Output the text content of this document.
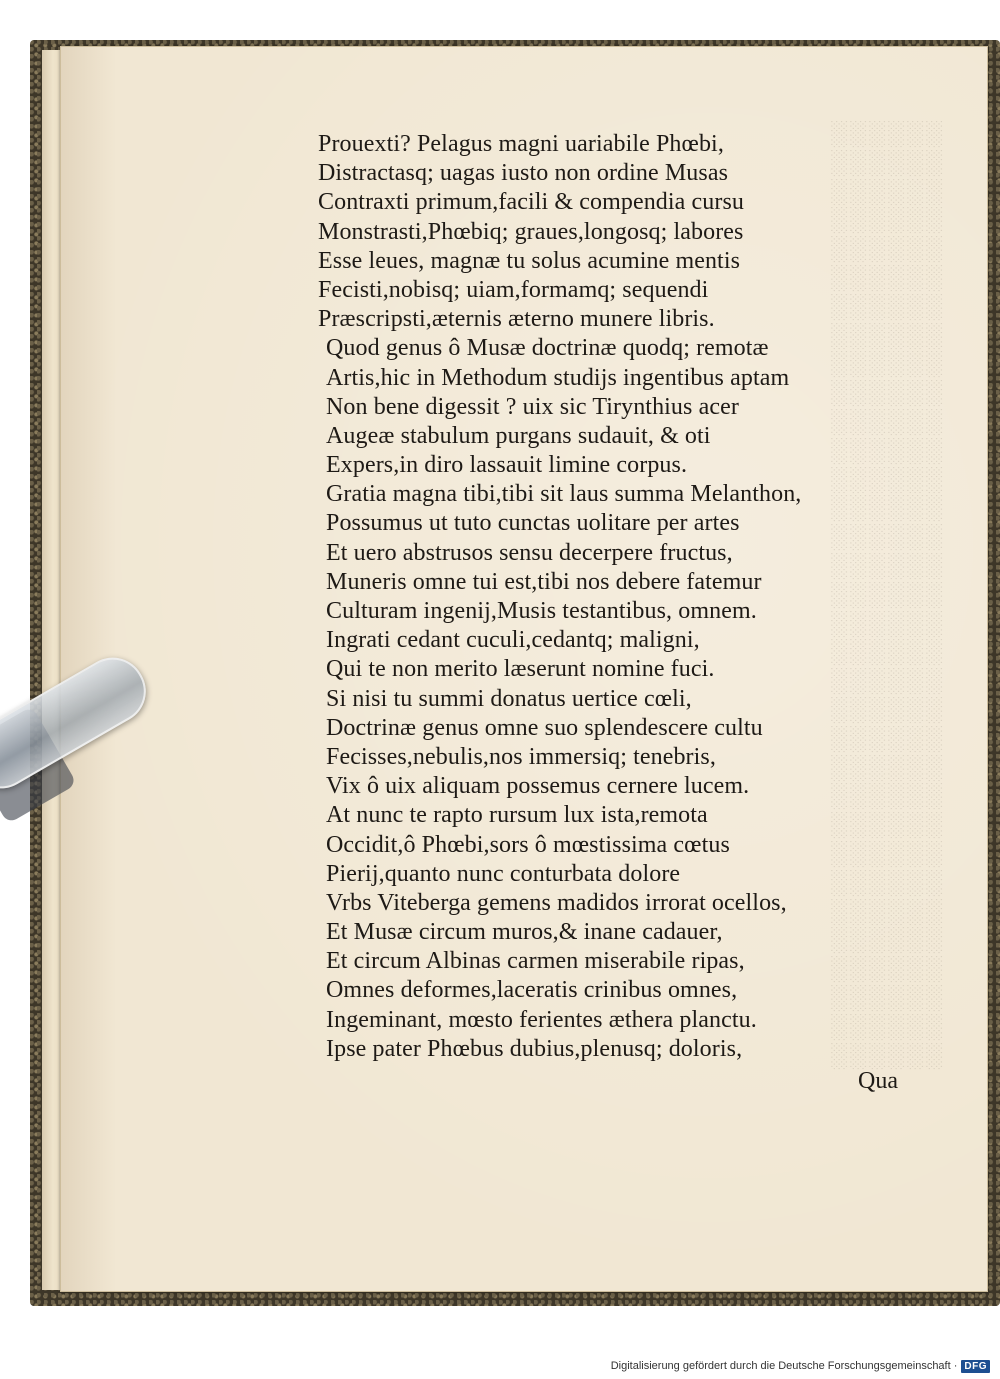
░░░░░░
░░░░░░
░░░░░░
░░░░░░
░░░░░░
░░░░░░
░░░░░░
░░░░░░
░░░░░░
░░░░░░
░░░░░░
░░░░░░
░░░░░░
░░░░░░
░░░░░░
░░░░░░
░░░░░░
░░░░░░
░░░░░░
░░░░░░
░░░░░░
░░░░░░
░░░░░░
░░░░░░
░░░░░░
░░░░░░
░░░░░░
░░░░░░
░░░░░░
░░░░░░
░░░░░░
░░░░░░
░░░░░░
Prouexti? Pelagus magni uariabile Phœbi,
Distractasq; uagas iusto non ordine Musas
Contraxti primum,facili & compendia cursu
Monstrasti,Phœbiq; graues,longosq; labores
Esse leues, magnæ tu solus acumine mentis
Fecisti,nobisq; uiam,formamq; sequendi
Præscripsti,æternis æterno munere libris.
Quod genus ô Musæ doctrinæ quodq; remotæ
Artis,hic in Methodum studijs ingentibus aptam
Non bene digessit ? uix sic Tirynthius acer
Augeæ stabulum purgans sudauit, & oti
Expers,in diro lassauit limine corpus.
Gratia magna tibi,tibi sit laus summa Melanthon,
Possumus ut tuto cunctas uolitare per artes
Et uero abstrusos sensu decerpere fructus,
Muneris omne tui est,tibi nos debere fatemur
Culturam ingenij,Musis testantibus, omnem.
Ingrati cedant cuculi,cedantq; maligni,
Qui te non merito læserunt nomine fuci.
Si nisi tu summi donatus uertice cœli,
Doctrinæ genus omne suo splendescere cultu
Fecisses,nebulis,nos immersiq; tenebris,
Vix ô uix aliquam possemus cernere lucem.
At nunc te rapto rursum lux ista,remota
Occidit,ô Phœbi,sors ô mœstissima cœtus
Pierij,quanto nunc conturbata dolore
Vrbs Viteberga gemens madidos irrorat ocellos,
Et Musæ circum muros,& inane cadauer,
Et circum Albinas carmen miserabile ripas,
Omnes deformes,laceratis crinibus omnes,
Ingeminant, mœsto ferientes æthera planctu.
Ipse pater Phœbus dubius,plenusq; doloris,
Qua
Digitalisierung gefördert durch die Deutsche Forschungsgemeinschaft · DFG
